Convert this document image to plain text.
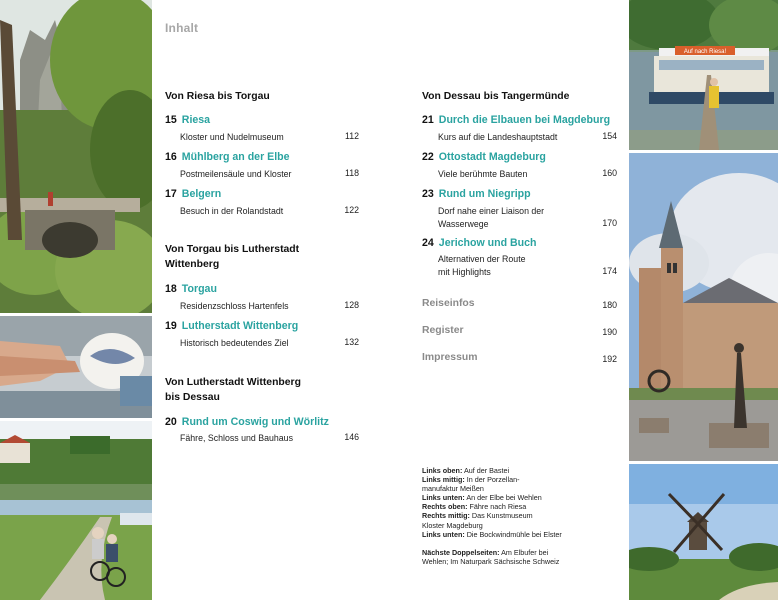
Auf nach Riesa!
Inhalt
Von Riesa bis Torgau
15 Riesa
Kloster und Nudelmuseum	112
16 Mühlberg an der Elbe
Postmeilensäule und Kloster	118
17 Belgern
Besuch in der Rolandstadt	122
Von Torgau bis Lutherstadt
Wittenberg
18 Torgau
Residenzschloss Hartenfels	128
19 Lutherstadt Wittenberg
Historisch bedeutendes Ziel	132
Von Lutherstadt Wittenberg
bis Dessau
20 Rund um Coswig und Wörlitz
Fähre, Schloss und Bauhaus	146
Von Dessau bis Tangermünde
21 Durch die Elbauen bei Magdeburg
Kurs auf die Landeshauptstadt	154
22 Ottostadt Magdeburg
Viele berühmte Bauten	160
23 Rund um Niegripp
Dorf nahe einer Liaison der
Wasserwege	170
24 Jerichow und Buch
Alternativen der Route
mit Highlights	174
Reiseinfos	180
Register	190
Impressum	192
Links oben: Auf der Bastei
Links mittig: In der Porzellan-
manufaktur Meißen
Links unten: An der Elbe bei Wehlen
Rechts oben: Fähre nach Riesa
Rechts mittig: Das Kunstmuseum
Kloster Magdeburg
Links unten: Die Bockwindmühle bei Elster
Nächste Doppelseiten: Am Elbufer bei
Wehlen; Im Naturpark Sächsische Schweiz
